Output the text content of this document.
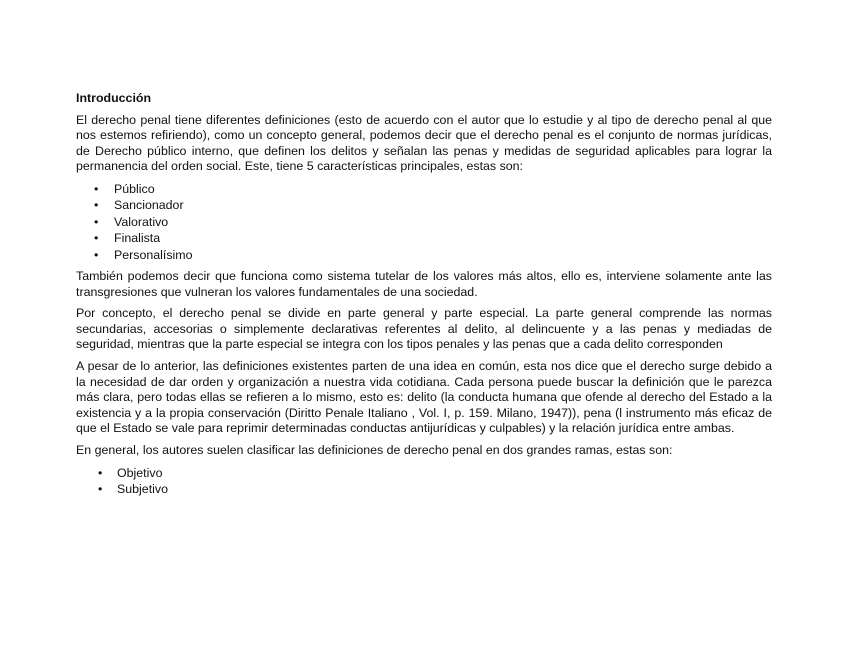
Introducción

El derecho penal tiene diferentes definiciones (esto de acuerdo con el autor que lo estudie y al tipo de derecho penal al que nos estemos refiriendo), como un concepto general, podemos decir que el derecho penal es el conjunto de normas jurídicas, de Derecho público interno, que definen los delitos y señalan las penas y medidas de seguridad aplicables para lograr la permanencia del orden social. Este, tiene 5 características principales, estas son:

• Público
• Sancionador
• Valorativo
• Finalista
• Personalísimo

También podemos decir que funciona como sistema tutelar de los valores más altos, ello es, interviene solamente ante las transgresiones que vulneran los valores fundamentales de una sociedad.

Por concepto, el derecho penal se divide en parte general y parte especial. La parte general comprende las normas secundarias, accesorias o simplemente declarativas referentes al delito, al delincuente y a las penas y mediadas de seguridad, mientras que la parte especial se integra con los tipos penales y las penas que a cada delito corresponden

A pesar de lo anterior, las definiciones existentes parten de una idea en común, esta nos dice que el derecho surge debido a la necesidad de dar orden y organización a nuestra vida cotidiana. Cada persona puede buscar la definición que le parezca más clara, pero todas ellas se refieren a lo mismo, esto es: delito (la conducta humana que ofende al derecho del Estado a la existencia y a la propia conservación (Diritto Penale Italiano , Vol. I, p. 159. Milano, 1947)), pena (l instrumento más eficaz de que el Estado se vale para reprimir determinadas conductas antijurídicas y culpables) y la relación jurídica entre ambas.

En general, los autores suelen clasificar las definiciones de derecho penal en dos grandes ramas, estas son:

• Objetivo
• Subjetivo
